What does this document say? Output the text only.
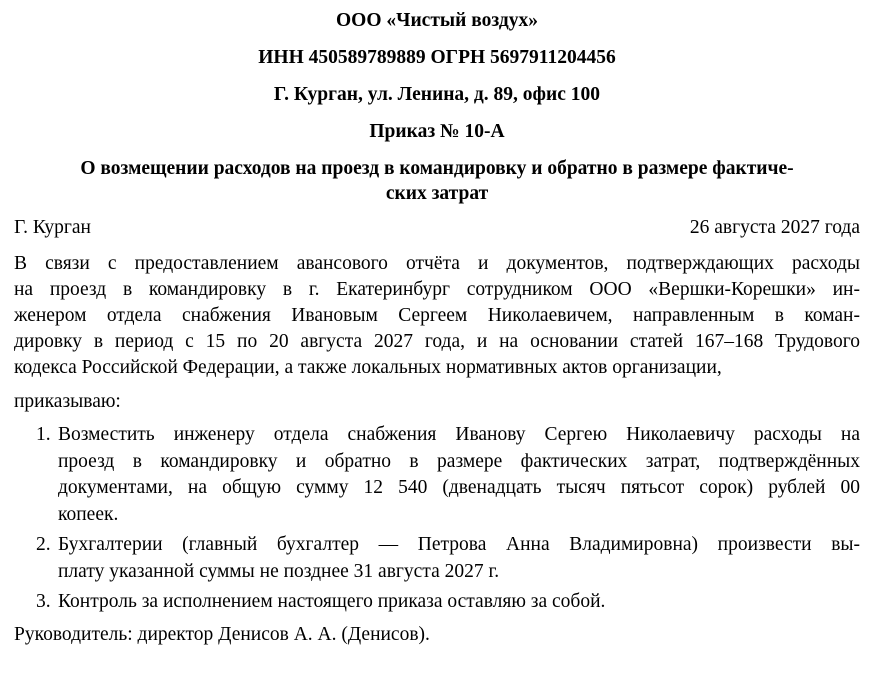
ООО «Чистый воздух»

ИНН 450589789889 ОГРН 5697911204456

Г. Курган, ул. Ленина, д. 89, офис 100

Приказ № 10-А

О возмещении расходов на проезд в командировку и обратно в размере фактиче-
ских затрат

Г. Курган	26 августа 2027 года

В связи с предоставлением авансового отчёта и документов, подтверждающих расходы
на проезд в командировку в г. Екатеринбург сотрудником ООО «Вершки-Корешки» ин-
женером отдела снабжения Ивановым Сергеем Николаевичем, направленным в коман-
дировку в период с 15 по 20 августа 2027 года, и на основании статей 167–168 Трудового
кодекса Российской Федерации, а также локальных нормативных актов организации,

приказываю:

1. Возместить инженеру отдела снабжения Иванову Сергею Николаевичу расходы на
проезд в командировку и обратно в размере фактических затрат, подтверждённых
документами, на общую сумму 12 540 (двенадцать тысяч пятьсот сорок) рублей 00
копеек.
2. Бухгалтерии (главный бухгалтер — Петрова Анна Владимировна) произвести вы-
плату указанной суммы не позднее 31 августа 2027 г.
3. Контроль за исполнением настоящего приказа оставляю за собой.

Руководитель: директор Денисов А. А. (Денисов).
